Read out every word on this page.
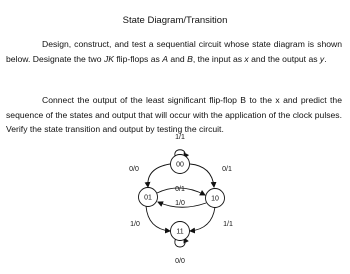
State Diagram/Transition

Design, construct, and test a sequential circuit whose state diagram is shown below. Designate the two JK flip-flops as A and B, the input as x and the output as y.

Connect the output of the least significant flip-flop B to the x and predict the sequence of the states and output that will occur with the application of the clock pulses. Verify the state transition and output by testing the circuit.

00
01	10
11
1/1
0/0	0/1
0/1
1/0
1/0	1/1
0/0
